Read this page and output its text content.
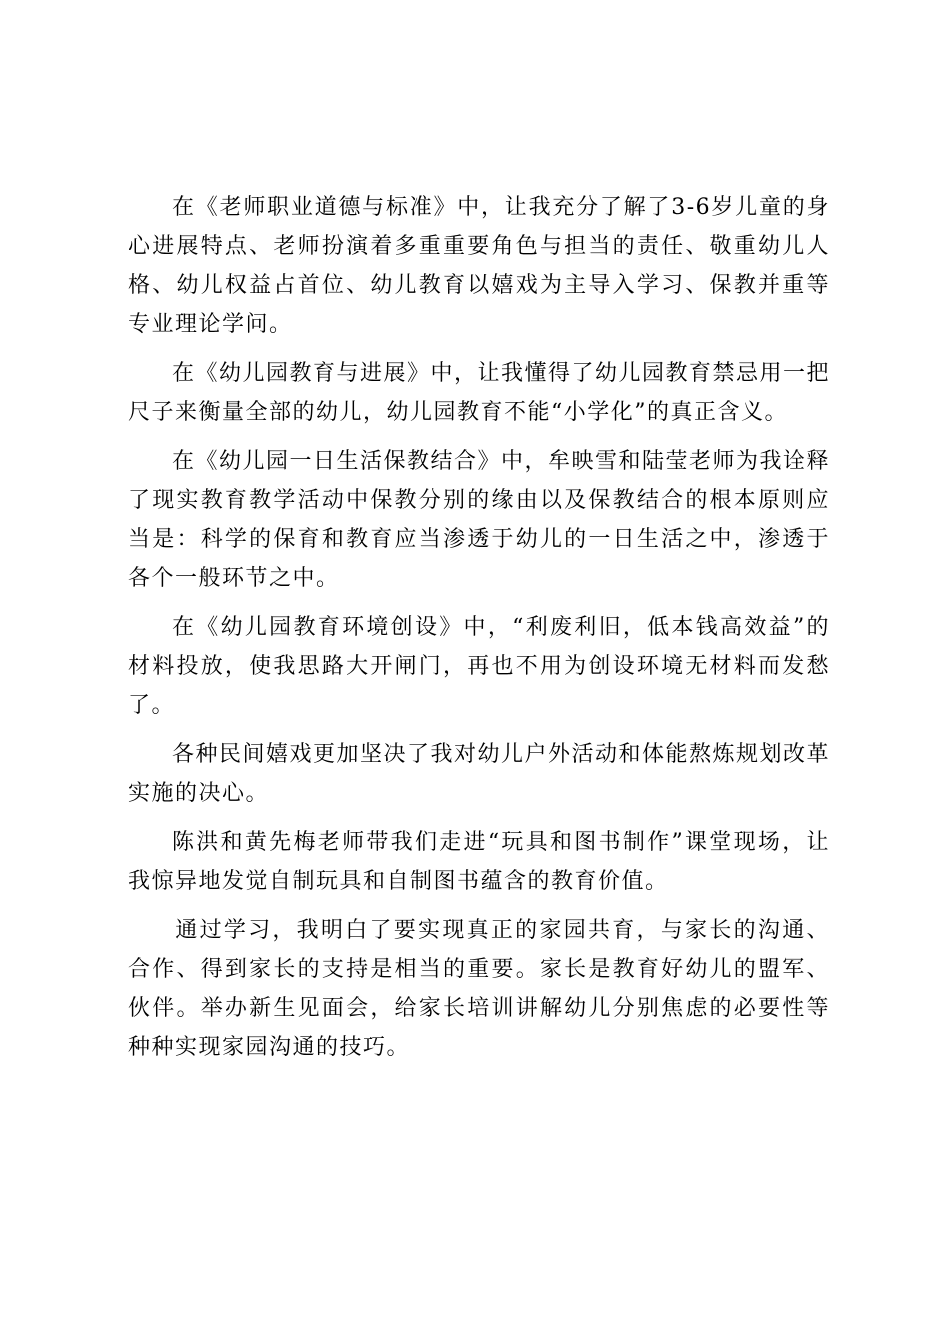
在《老师职业道德与标准》中，让我充分了解了3-6岁儿童的身心进展特点、老师扮演着多重重要角色与担当的责任、敬重幼儿人格、幼儿权益占首位、幼儿教育以嬉戏为主导入学习、保教并重等专业理论学问。

在《幼儿园教育与进展》中，让我懂得了幼儿园教育禁忌用一把尺子来衡量全部的幼儿，幼儿园教育不能“小学化”的真正含义。

在《幼儿园一日生活保教结合》中，牟映雪和陆莹老师为我诠释了现实教育教学活动中保教分别的缘由以及保教结合的根本原则应当是：科学的保育和教育应当渗透于幼儿的一日生活之中，渗透于各个一般环节之中。

在《幼儿园教育环境创设》中，“利废利旧，低本钱高效益”的材料投放，使我思路大开闸门，再也不用为创设环境无材料而发愁了。

各种民间嬉戏更加坚决了我对幼儿户外活动和体能熬炼规划改革实施的决心。

陈洪和黄先梅老师带我们走进“玩具和图书制作”课堂现场，让我惊异地发觉自制玩具和自制图书蕴含的教育价值。

通过学习，我明白了要实现真正的家园共育，与家长的沟通、合作、得到家长的支持是相当的重要。家长是教育好幼儿的盟军、伙伴。举办新生见面会，给家长培训讲解幼儿分别焦虑的必要性等种种实现家园沟通的技巧。
